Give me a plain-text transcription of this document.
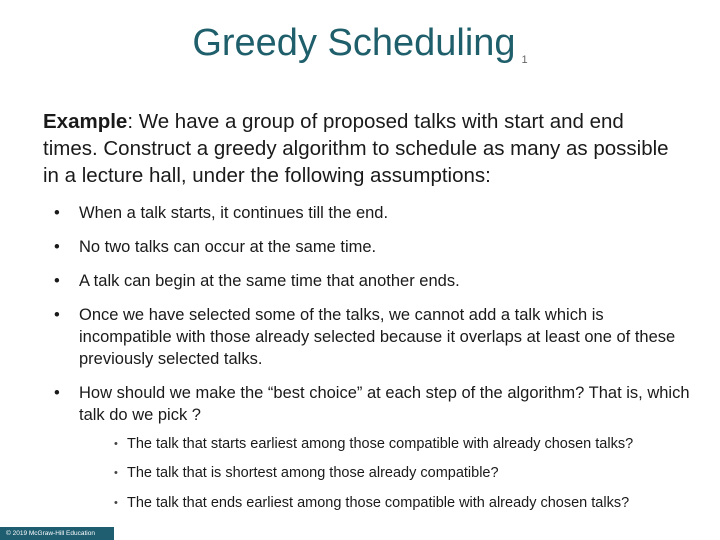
Greedy Scheduling 1
Example: We have a group of proposed talks with start and end times. Construct a greedy algorithm to schedule as many as possible in a lecture hall, under the following assumptions:
• When a talk starts, it continues till the end.
• No two talks can occur at the same time.
• A talk can begin at the same time that another ends.
• Once we have selected some of the talks, we cannot add a talk which is incompatible with those already selected because it overlaps at least one of these previously selected talks.
• How should we make the “best choice” at each step of the algorithm? That is, which talk do we pick ?
• The talk that starts earliest among those compatible with already chosen talks?
• The talk that is shortest among those already compatible?
• The talk that ends earliest among those compatible with already chosen talks?
© 2019 McGraw-Hill Education
